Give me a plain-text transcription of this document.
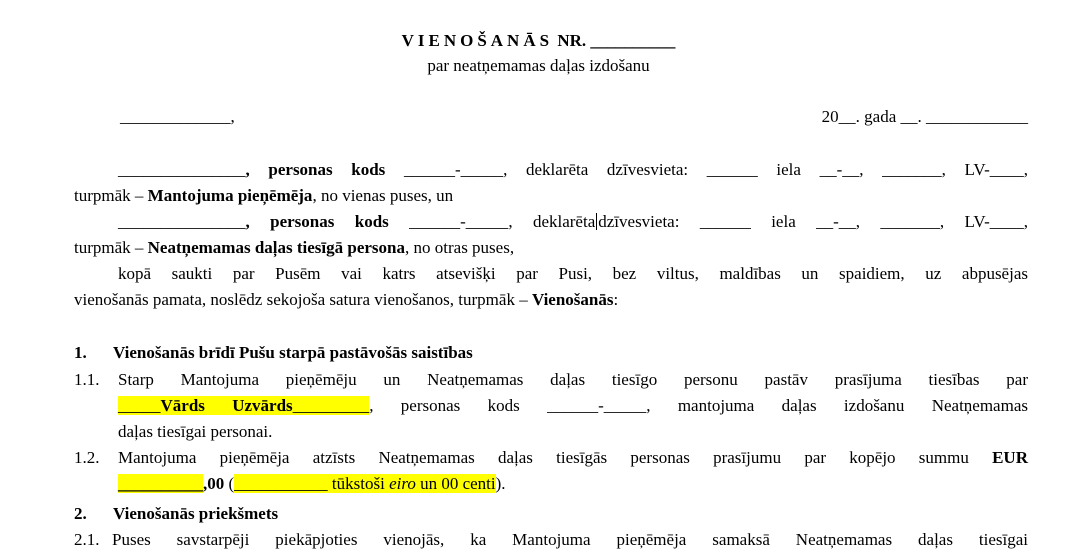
VIENOŠANĀS NR. __________
par neatņemamas daļas izdošanu
_____________,	20__. gada __. ____________
_______________, personas kods ______-_____, deklarēta dzīvesvieta: ______ iela __-__, _______, LV-____,
turpmāk – Mantojuma pieņēmēja, no vienas puses, un
_______________, personas kods ______-_____, deklarēta dzīvesvieta: ______ iela __-__, _______, LV-____,
turpmāk – Neatņemamas daļas tiesīgā persona, no otras puses,
kopā saukti par Pusēm vai katrs atsevišķi par Pusi, bez viltus, maldības un spaidiem, uz abpusējas
vienošanās pamata, noslēdz sekojoša satura vienošanos, turpmāk – Vienošanās:
1. Vienošanās brīdī Pušu starpā pastāvošās saistības
1.1. Starp Mantojuma pieņēmēju un Neatņemamas daļas tiesīgo personu pastāv prasījuma tiesības par
_____Vārds Uzvārds_________, personas kods ______-_____, mantojuma daļas izdošanu Neatņemamas
daļas tiesīgai personai.
1.2. Mantojuma pieņēmēja atzīsts Neatņemamas daļas tiesīgās personas prasījumu par kopējo summu EUR
__________,00 (___________ tūkstoši eiro un 00 centi).
2. Vienošanās priekšmets
2.1. Puses savstarpēji piekāpjoties vienojās, ka Mantojuma pieņēmēja samaksā Neatņemamas daļas tiesīgai
